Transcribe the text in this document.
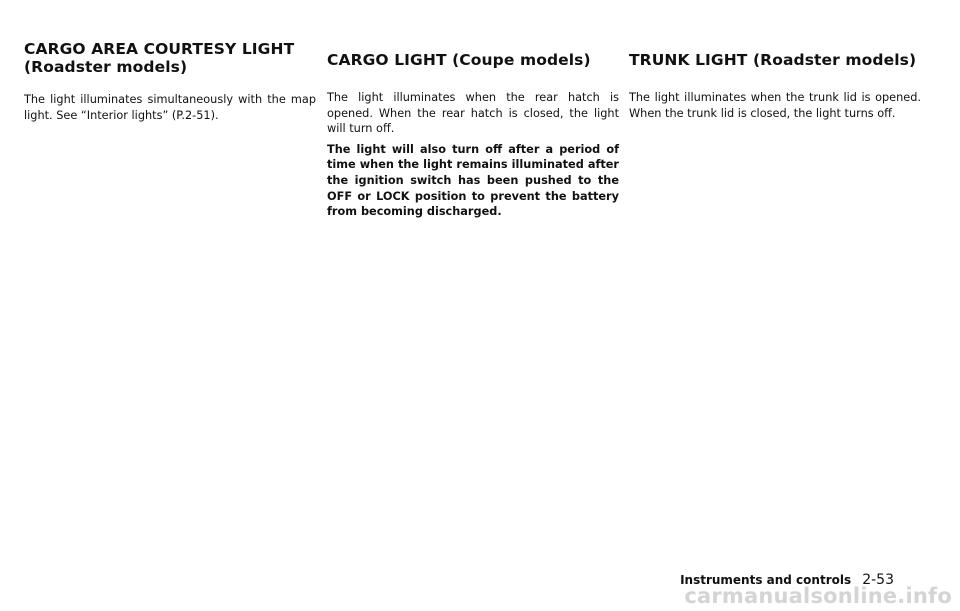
CARGO AREA COURTESY LIGHT (Roadster models)

The light illuminates simultaneously with the map light. See “Interior lights” (P.2-51).

CARGO LIGHT (Coupe models)

The light illuminates when the rear hatch is opened. When the rear hatch is closed, the light will turn off.

The light will also turn off after a period of time when the light remains illuminated after the ignition switch has been pushed to the OFF or LOCK position to prevent the battery from becoming discharged.

TRUNK LIGHT (Roadster models)

The light illuminates when the trunk lid is opened. When the trunk lid is closed, the light turns off.

Instruments and controls 2-53
carmanualsonline.info
